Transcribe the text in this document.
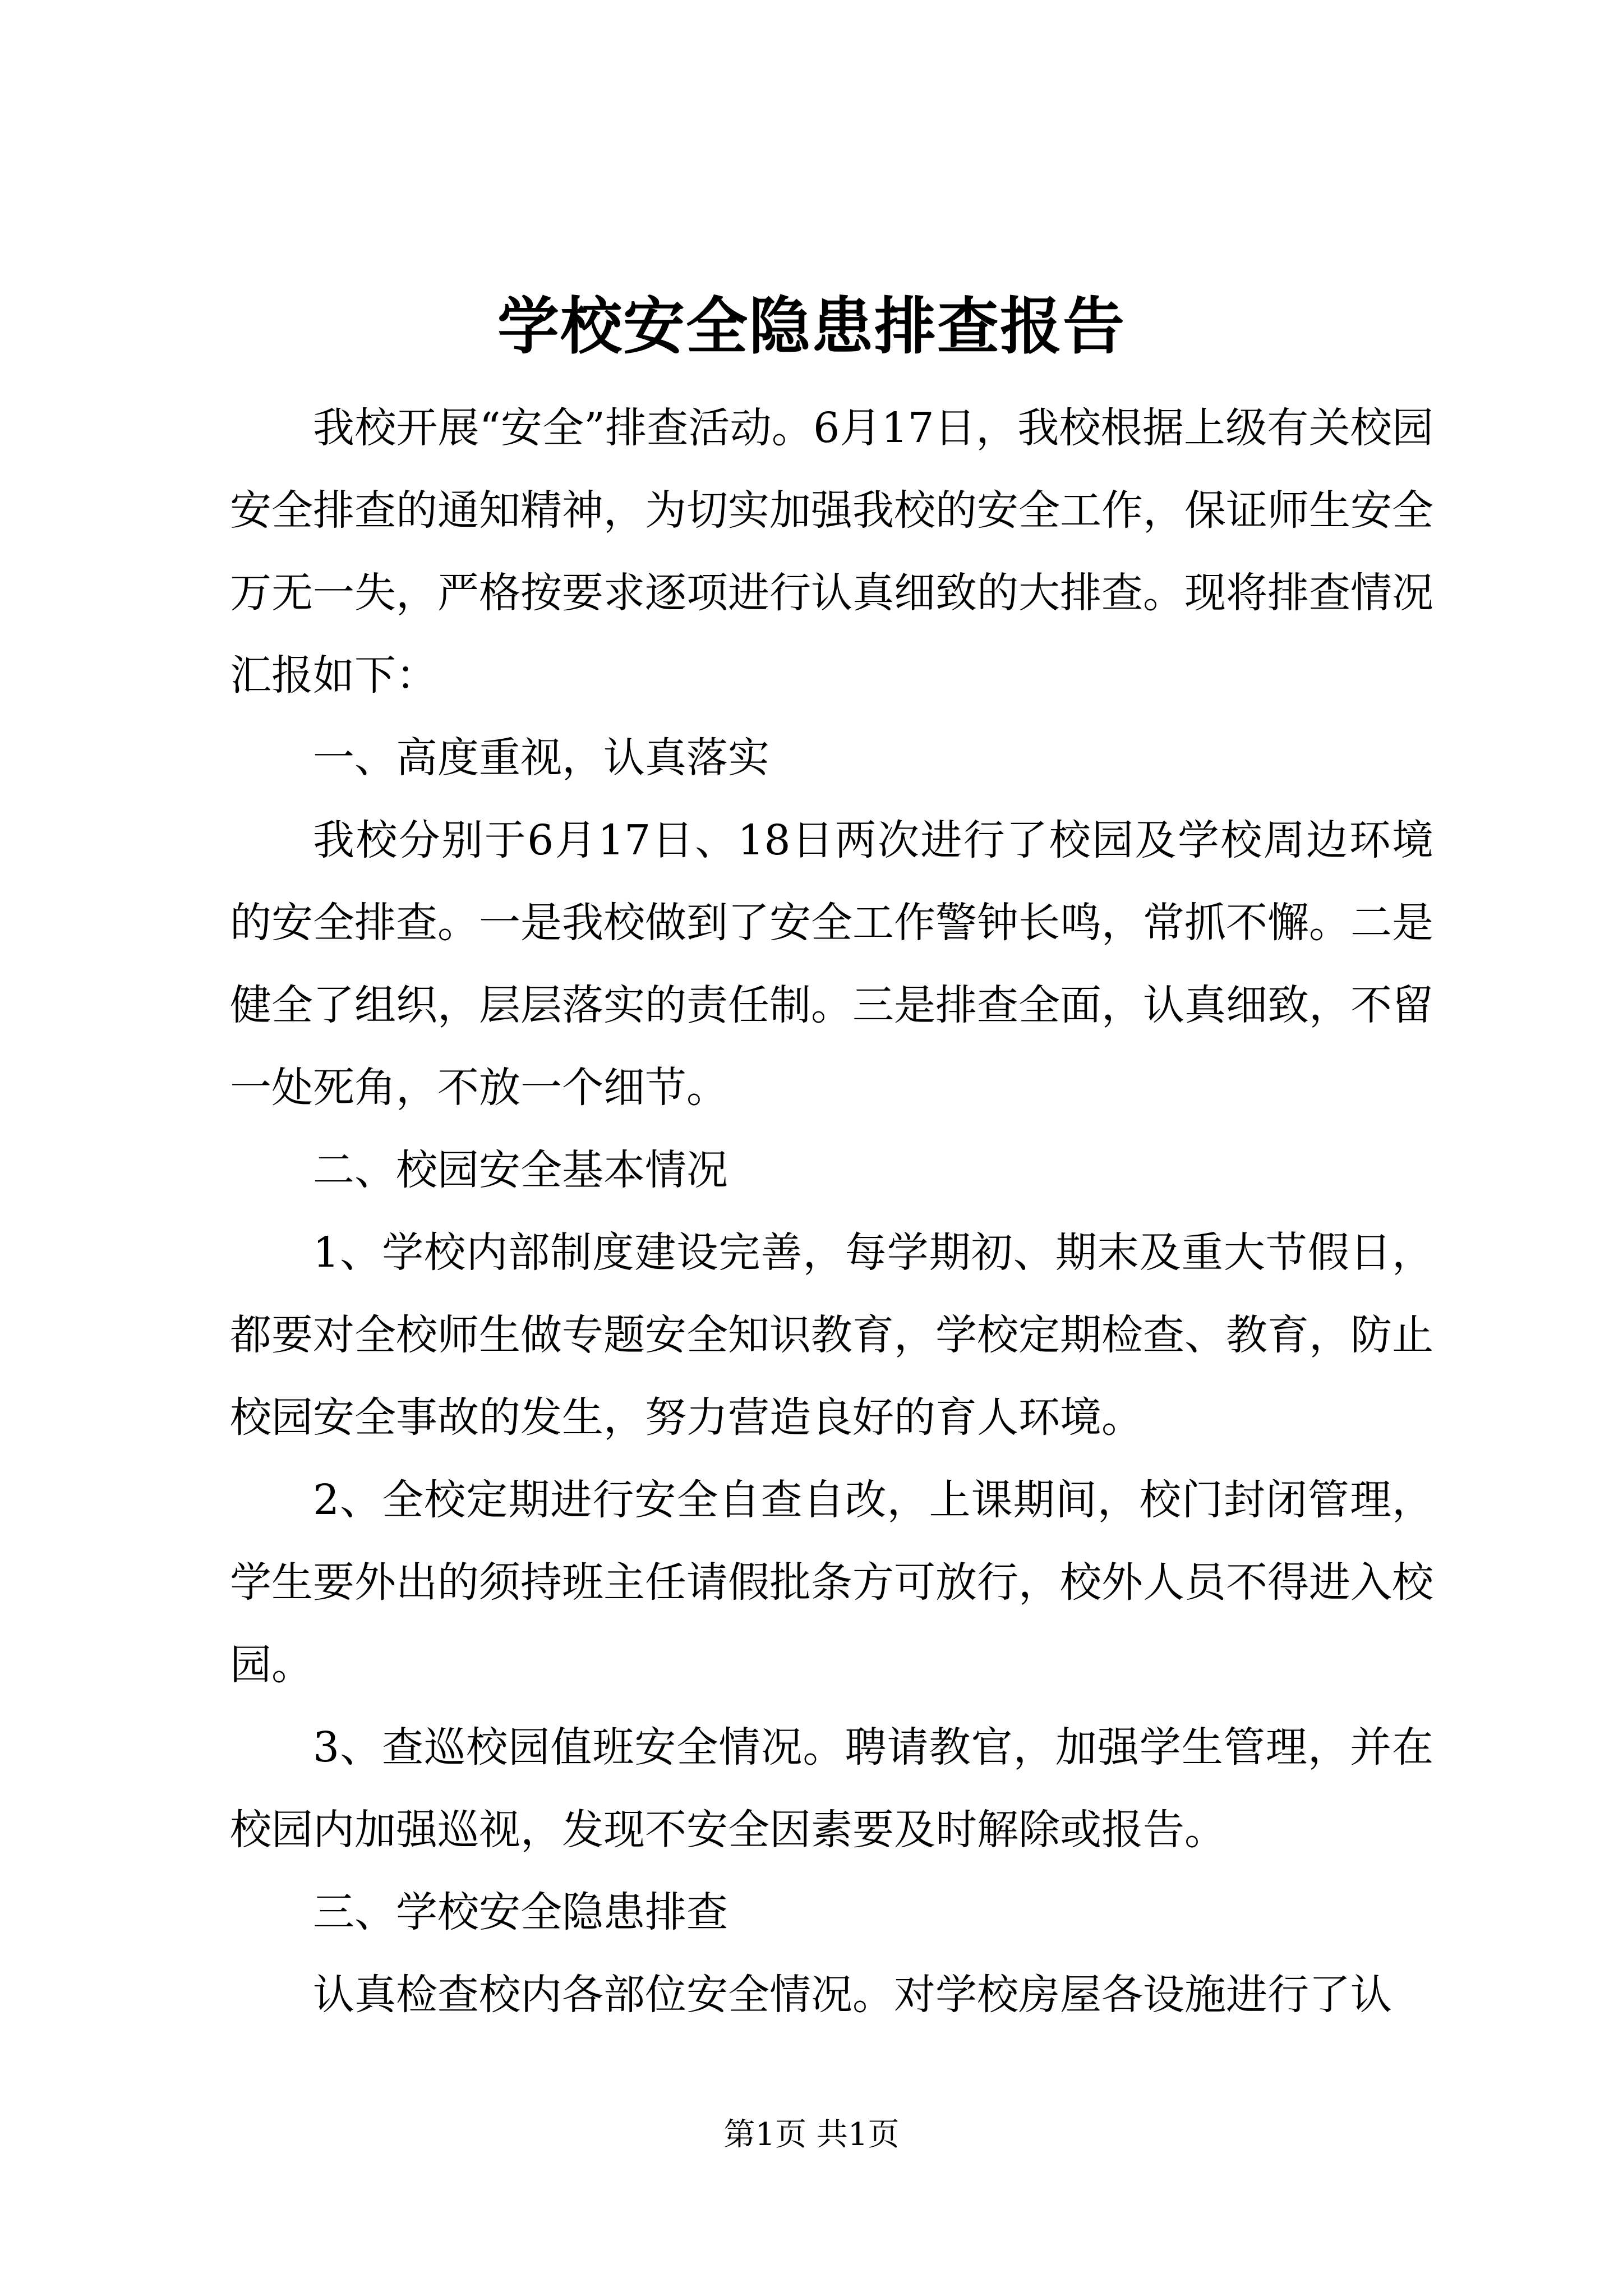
学校安全隐患排查报告

我校开展“安全”排查活动。6月17日，我校根据上级有关校园安全排查的通知精神，为切实加强我校的安全工作，保证师生安全万无一失，严格按要求逐项进行认真细致的大排查。现将排查情况汇报如下：

一、高度重视，认真落实

我校分别于6月17日、18日两次进行了校园及学校周边环境的安全排查。一是我校做到了安全工作警钟长鸣，常抓不懈。二是健全了组织，层层落实的责任制。三是排查全面，认真细致，不留一处死角，不放一个细节。

二、校园安全基本情况

1、学校内部制度建设完善，每学期初、期末及重大节假日，都要对全校师生做专题安全知识教育，学校定期检查、教育，防止校园安全事故的发生，努力营造良好的育人环境。

2、全校定期进行安全自查自改，上课期间，校门封闭管理，学生要外出的须持班主任请假批条方可放行，校外人员不得进入校园。

3、查巡校园值班安全情况。聘请教官，加强学生管理，并在校园内加强巡视，发现不安全因素要及时解除或报告。

三、学校安全隐患排查

认真检查校内各部位安全情况。对学校房屋各设施进行了认

第1页 共1页
